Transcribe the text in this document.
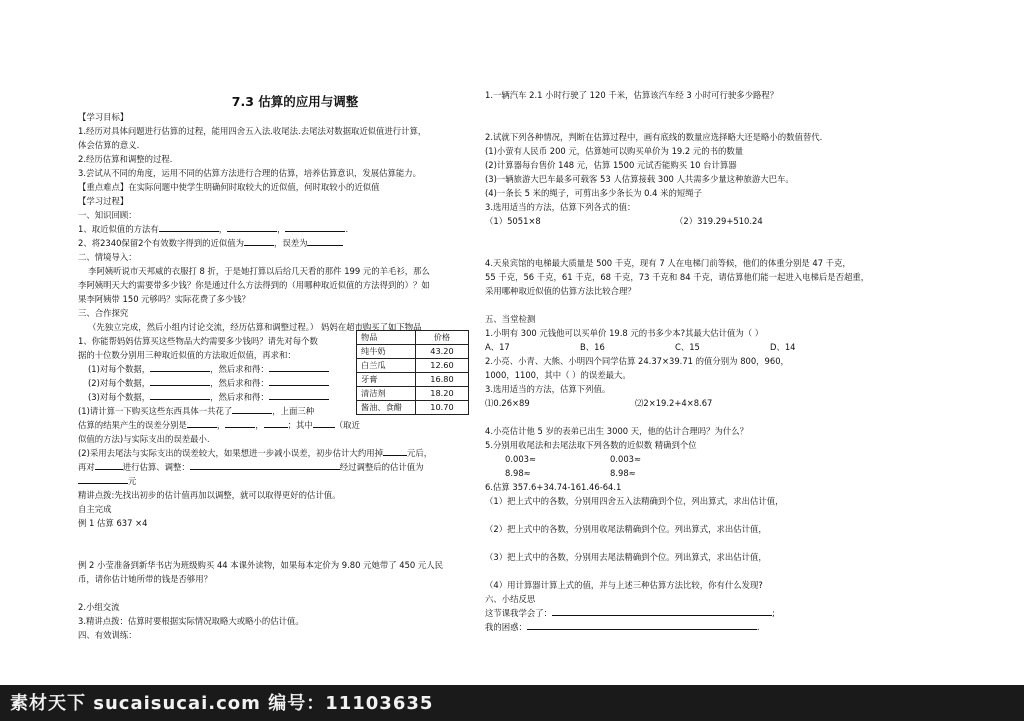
7.3 估算的应用与调整
【学习目标】
1.经历对具体问题进行估算的过程，能用四舍五入法.收尾法.去尾法对数据取近似值进行计算，
体会估算的意义.
2.经历估算和调整的过程.
3.尝试从不同的角度，运用不同的估算方法进行合理的估算，培养估算意识，发展估算能力。
【重点难点】在实际问题中使学生明确何时取较大的近似值，何时取较小的近似值
【学习过程】
一、知识回顾：
1、取近似值的方法有	，	，	.
2、将2340保留2个有效数字得到的近似值为	，误差为
二、情境导入：
李阿姨听说市天邦威的衣服打 8 折，于是她打算以后给几天看的那件 199 元的羊毛衫，那么
李阿姨明天大约需要带多少钱？你是通过什么方法得到的（用哪种取近似值的方法得到的）？如
果李阿姨带 150 元够吗？实际花费了多少钱？
三、合作探究
（先独立完成，然后小组内讨论交流，经历估算和调整过程。） 妈妈在超市购买了如下物品
1、你能帮妈妈估算买这些物品大约需要多少钱吗？请先对每个数
据的十位数分别用三种取近似值的方法取近似值，再求和：
(1)对每个数据，	，然后求和得：
(2)对每个数据，	，然后求和得：
(3)对每个数据，	，然后求和得：
(1)请计算一下购买这些东西具体一共花了	，上面三种
估算的结果产生的误差分别是	，	，	；其中	（取近
似值的方法)与实际支出的误差最小.
(2)采用去尾法与实际支出的误差较大，如果想进一步减小误差，初步估计大约用掉	元后，
再对	进行估算、调整：	经过调整后的估计值为
元
精讲点拨:先找出初步的估计值再加以调整，就可以取得更好的估计值。
自主完成
例 1 估算 637 ×4
例 2 小莹准备到新华书店为班级购买 44 本课外读物，如果每本定价为 9.80 元她带了 450 元人民
币，请你估计她所带的钱是否够用？
2.小组交流
3.精讲点拨：估算时要根据实际情况取略大或略小的估计值。
四、有效训练：
物品	价格
纯牛奶	43.20
白兰瓜	12.60
牙膏	16.80
清洁剂	18.20
酱油、食醋	10.70
1.一辆汽车 2.1 小时行驶了 120 千米，估算该汽车经 3 小时可行驶多少路程？
2.试就下列各种情况，判断在估算过程中，画有底线的数量应选择略大还是略小的数值替代.
(1)小萤有人民币 200 元，估算她可以购买单价为 19.2 元的书的数量
(2)计算器每台售价 148 元，估算 1500 元试否能购买 10 台计算器
(3)一辆旅游大巴车最多可载客 53 人估算接载 300 人共需多少量这种旅游大巴车。
(4)一条长 5 米的绳子，可剪出多少条长为 0.4 米的短绳子
3.选用适当的方法，估算下列各式的值：
（1）5051×8	（2）319.29+510.24
4.天泉宾馆的电梯最大质量是 500 千克，现有 7 人在电梯门前等候，他们的体重分别是 47 千克，
55 千克，56 千克，61 千克，68 千克，73 千克和 84 千克，请估算他们能一起进入电梯后是否超重，
采用哪种取近似值的估算方法比较合理？
五、当堂检测
1.小明有 300 元钱他可以买单价 19.8 元的书多少本?其最大估计值为（ ）
A、17	B、16	C、15	D、14
2.小亮、小青、大熊、小明四个同学估算 24.37×39.71 的值分别为 800，960，
1000，1100，其中（ ）的误差最大。
3.选用适当的方法，估算下列值。
⑴0.26×89	⑵2×19.2+4×8.67
4.小亮估计他 5 岁的表弟已出生 3000 天，他的估计合理吗？为什么？
5.分别用收尾法和去尾法取下列各数的近似数 精确到个位
0.003≈	0.003≈
8.98≈	8.98≈
6.估算 357.6+34.74-161.46-64.1
（1）把上式中的各数，分别用四舍五入法精确到个位，列出算式，求出估计值，
（2）把上式中的各数，分别用收尾法精确到个位。列出算式，求出估计值，
（3）把上式中的各数，分别用去尾法精确到个位。列出算式，求出估计值，
（4）用计算器计算上式的值，并与上述三种估算方法比较，你有什么发现?
六、小结反思
这节课我学会了：	;
我的困惑：	.
素材天下 sucaisucai.com 编号：11103635
